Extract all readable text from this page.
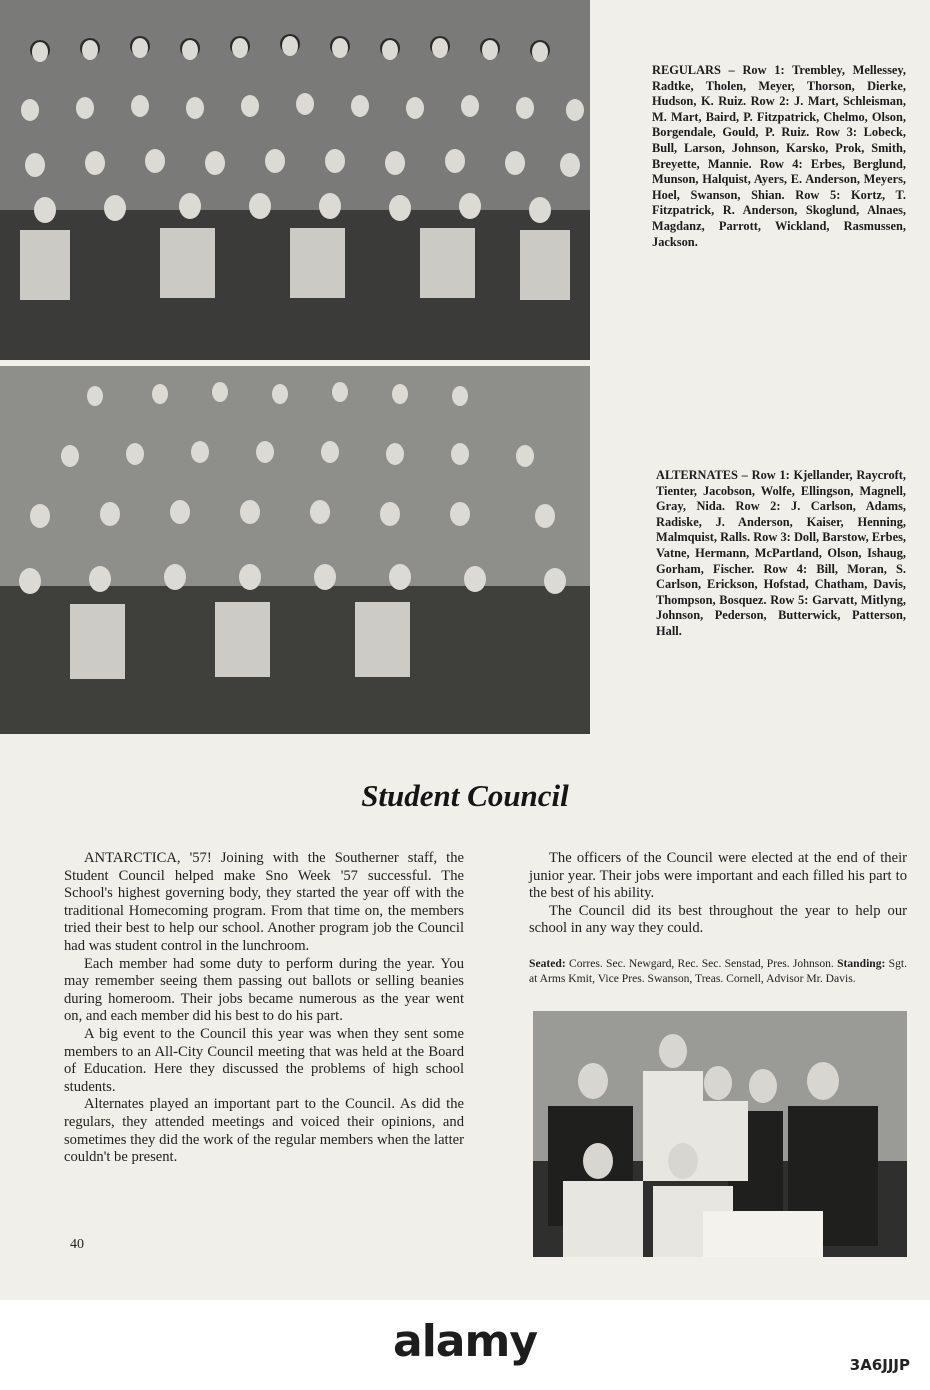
REGULARS – Row 1: Trembley, Mellessey, Radtke, Tholen, Meyer, Thorson, Dierke, Hudson, K. Ruiz. Row 2: J. Mart, Schleisman, M. Mart, Baird, P. Fitzpatrick, Chelmo, Olson, Borgendale, Gould, P. Ruiz. Row 3: Lobeck, Bull, Larson, Johnson, Karsko, Prok, Smith, Breyette, Mannie. Row 4: Erbes, Berglund, Munson, Halquist, Ayers, E. Anderson, Meyers, Hoel, Swanson, Shian. Row 5: Kortz, T. Fitzpatrick, R. Anderson, Skoglund, Alnaes, Magdanz, Parrott, Wickland, Rasmussen, Jackson.
ALTERNATES – Row 1: Kjellander, Raycroft, Tienter, Jacobson, Wolfe, Ellingson, Magnell, Gray, Nida. Row 2: J. Carlson, Adams, Radiske, J. Anderson, Kaiser, Henning, Malmquist, Ralls. Row 3: Doll, Barstow, Erbes, Vatne, Hermann, McPartland, Olson, Ishaug, Gorham, Fischer. Row 4: Bill, Moran, S. Carlson, Erickson, Hofstad, Chatham, Davis, Thompson, Bosquez. Row 5: Garvatt, Mitlyng, Johnson, Pederson, Butterwick, Patterson, Hall.
Student Council

ANTARCTICA, '57! Joining with the Southerner staff, the Student Council helped make Sno Week '57 successful. The School's highest governing body, they started the year off with the traditional Homecoming program. From that time on, the members tried their best to help our school. Another program job the Council had was student control in the lunchroom.

Each member had some duty to perform during the year. You may remember seeing them passing out ballots or selling beanies during homeroom. Their jobs became numerous as the year went on, and each member did his best to do his part.

A big event to the Council this year was when they sent some members to an All-City Council meeting that was held at the Board of Education. Here they discussed the problems of high school students.

Alternates played an important part to the Council. As did the regulars, they attended meetings and voiced their opinions, and sometimes they did the work of the regular members when the latter couldn't be present.

The officers of the Council were elected at the end of their junior year. Their jobs were important and each filled his part to the best of his ability.

The Council did its best throughout the year to help our school in any way they could.

Seated: Corres. Sec. Newgard, Rec. Sec. Senstad, Pres. Johnson. Standing: Sgt. at Arms Kmit, Vice Pres. Swanson, Treas. Cornell, Advisor Mr. Davis.
40
alamy	3A6JJJP
